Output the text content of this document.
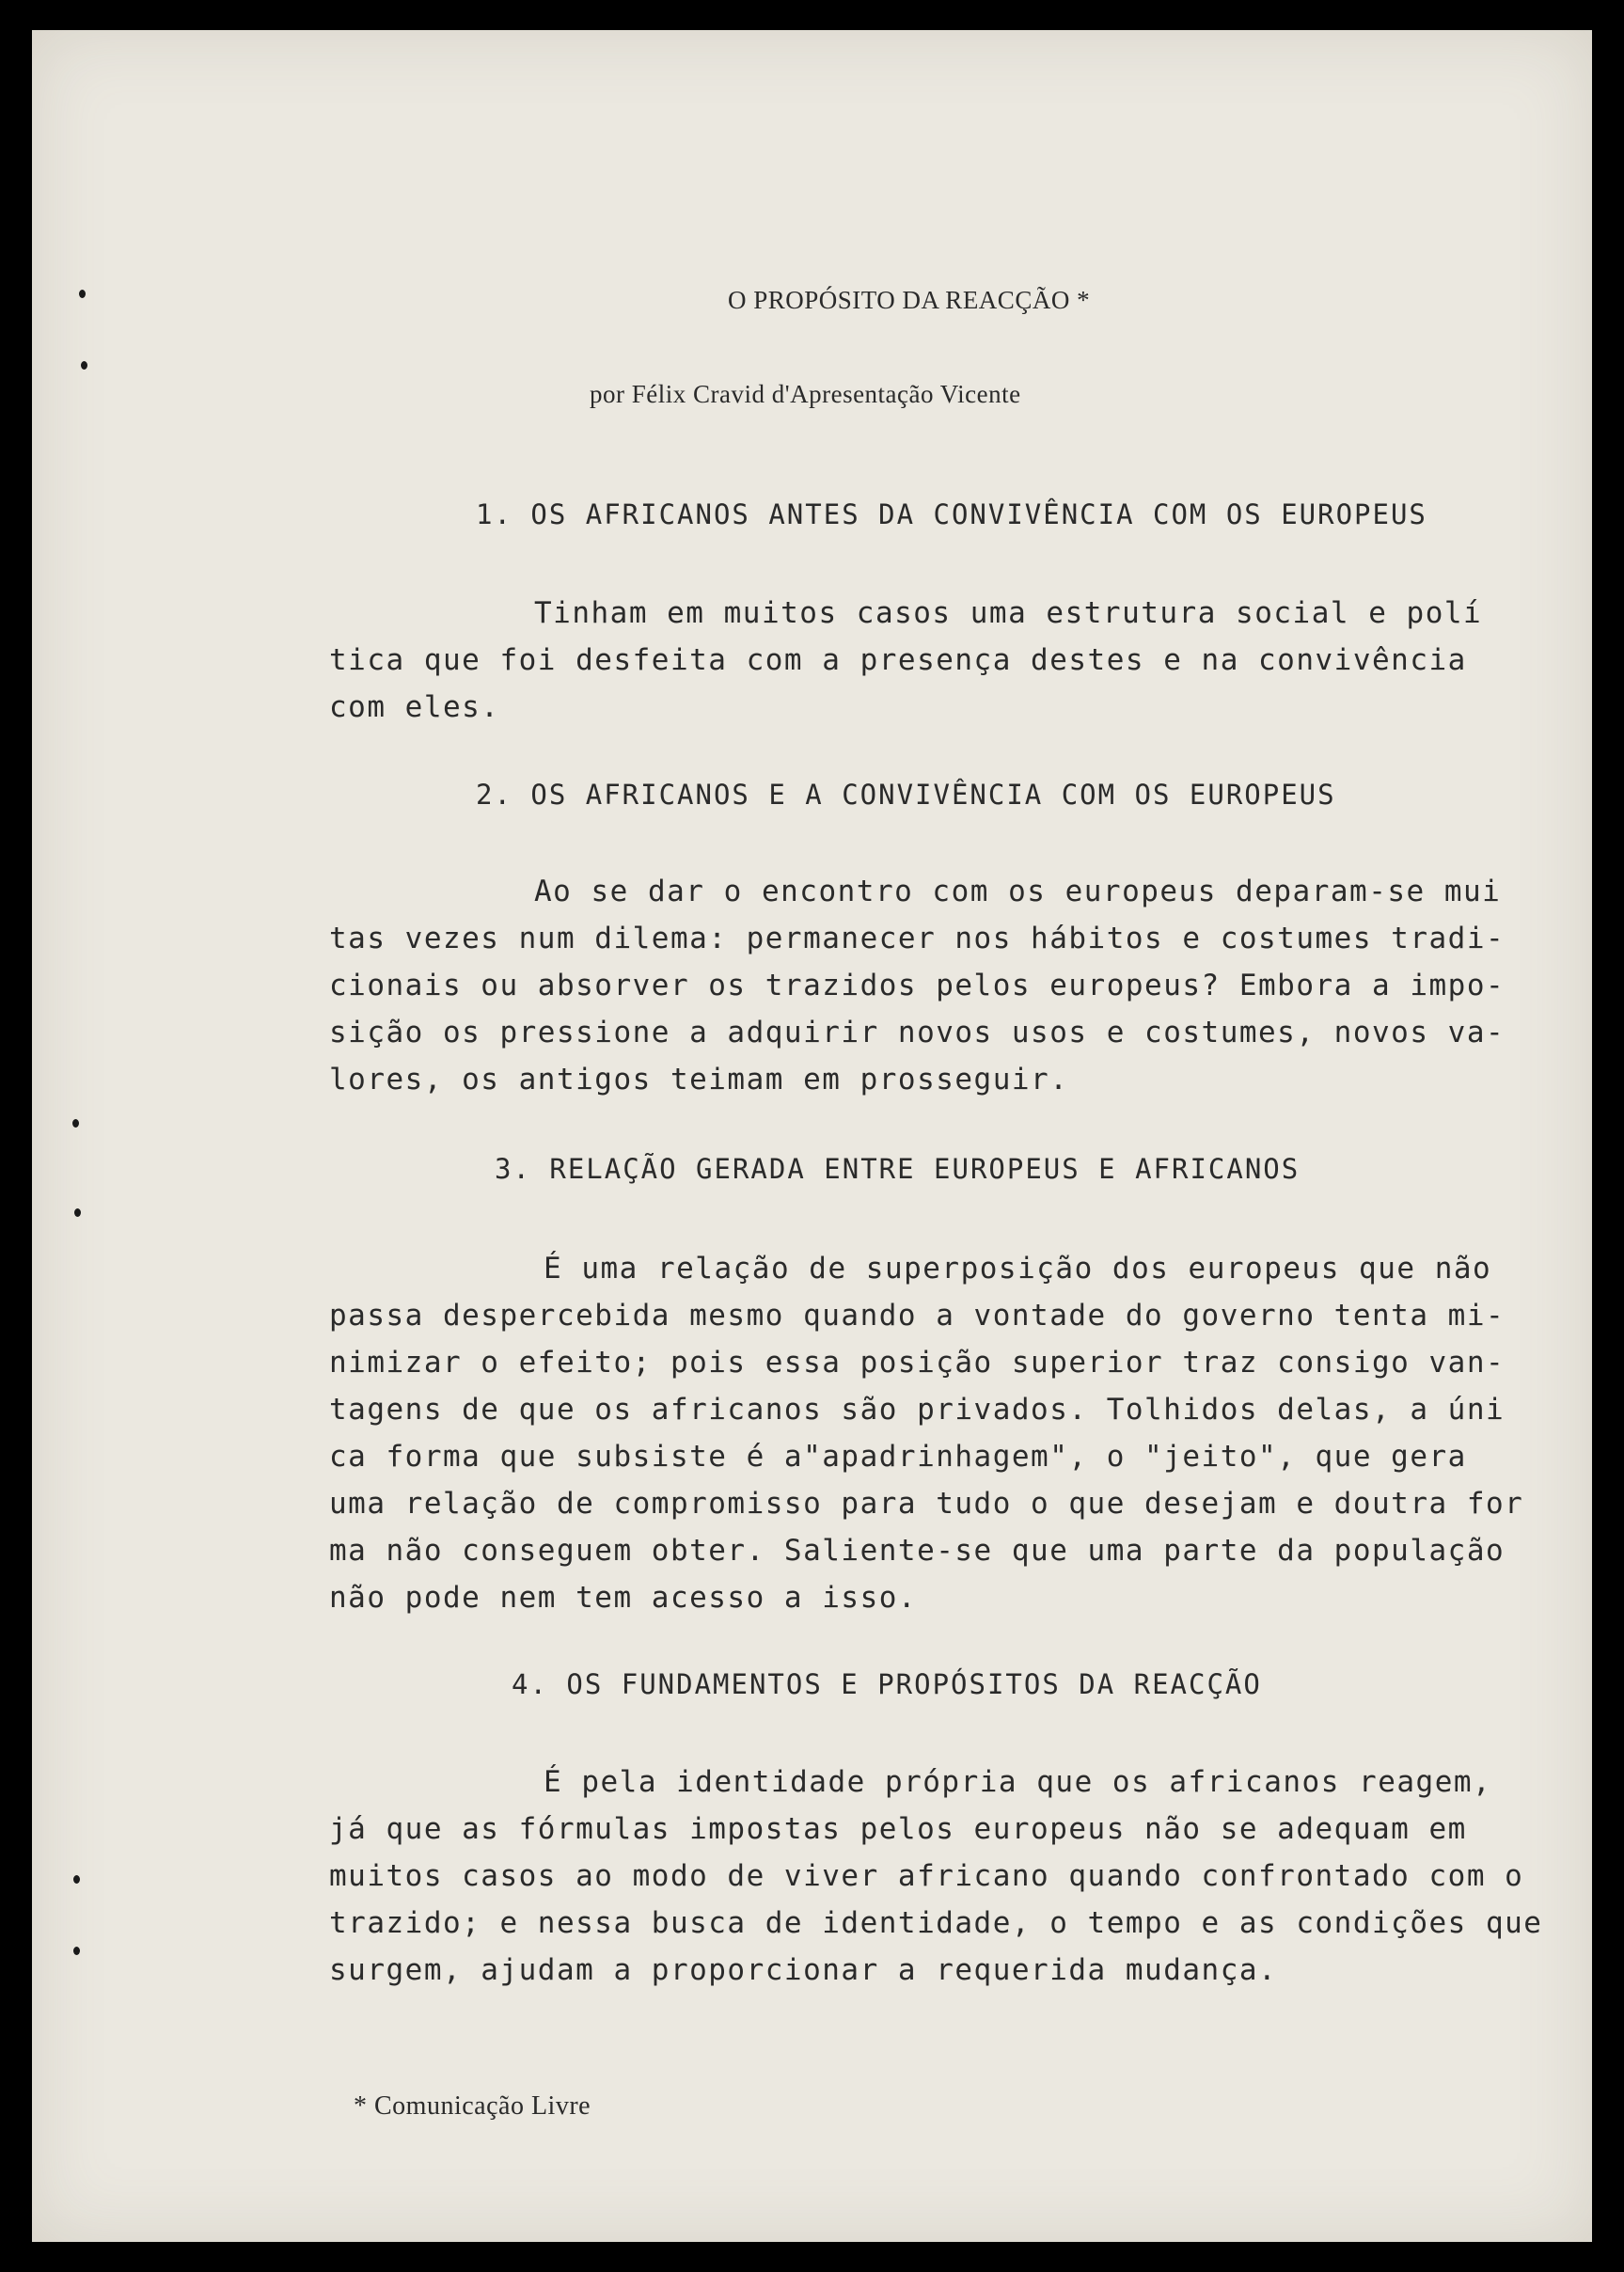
O PROPÓSITO DA REACÇÃO *
por Félix Cravid d'Apresentação Vicente
1. OS AFRICANOS ANTES DA CONVIVÊNCIA COM OS EUROPEUS
Tinham em muitos casos uma estrutura social e polí
tica que foi desfeita com a presença destes e na convivência
com eles.
2. OS AFRICANOS E A CONVIVÊNCIA COM OS EUROPEUS
Ao se dar o encontro com os europeus deparam-se mui
tas vezes num dilema: permanecer nos hábitos e costumes tradi-
cionais ou absorver os trazidos pelos europeus? Embora a impo-
sição os pressione a adquirir novos usos e costumes, novos va-
lores, os antigos teimam em prosseguir.
3. RELAÇÃO GERADA ENTRE EUROPEUS E AFRICANOS
É uma relação de superposição dos europeus que não
passa despercebida mesmo quando a vontade do governo tenta mi-
nimizar o efeito; pois essa posição superior traz consigo van-
tagens de que os africanos são privados. Tolhidos delas, a úni
ca forma que subsiste é a"apadrinhagem", o "jeito", que gera
uma relação de compromisso para tudo o que desejam e doutra for
ma não conseguem obter. Saliente-se que uma parte da população
não pode nem tem acesso a isso.
4. OS FUNDAMENTOS E PROPÓSITOS DA REACÇÃO
É pela identidade própria que os africanos reagem,
já que as fórmulas impostas pelos europeus não se adequam em
muitos casos ao modo de viver africano quando confrontado com o
trazido; e nessa busca de identidade, o tempo e as condições que
surgem, ajudam a proporcionar a requerida mudança.
* Comunicação Livre
